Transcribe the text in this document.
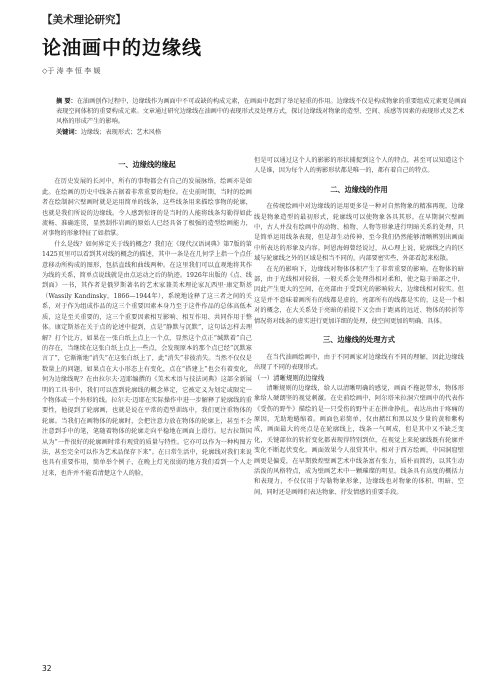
【美术理论研究】
论油画中的边缘线
◇于 涛 李 恒 李 媛
摘 要：在油画创作过程中，边缘线作为画面中不可或缺的构成元素，在画面中起到了举足轻重的作用。边缘线不仅是构成物象的重要组成元素更是画面表现空间体积的重要构成元素。文章通过研究边缘线在油画中的表现形式及处理方式，探讨边缘线对物象的造型、空间、质感等因素的表现形式及艺术风格的形成产生的影响。
关键词：边缘线；表现形式；艺术风格
一、边缘线的缘起

在历史发展的长河中，所有的事物都会有自己的发展脉络，绘画亦是如此。在绘画的历史中线条占据着非常重要的地位。在史前时期，当时的绘画者在绘制洞穴壁画时就是运用简单的线条，这些线条用来描绘事物的轮廓，也就是我们所说的边缘线。令人感到惊讶的是当时的人能将线条勾勒得如此流畅、准确连贯，显然制作岩画的原始人已经具备了极强的造型绘画能力，对事物的形象特征了如指掌。

什么是线？如何界定关于线的概念？我们在《现代汉语词典》第7版的第1425页里可以看到其对线的概念的描述，其中一条是在几何学上指一个点任意移动所构成的图形，包括直线和曲线两种。在这里我们可以直观地将其作为线的关系，简单点说线就是由点运动之后的轨迹。1926年出版的《点、线到面》一书，其作者是俄罗斯著名的艺术家兼美术理论家瓦西里·康定斯基（Wassily Kandinsky，1866—1944年），系统地诠释了这三者之间的关系，对于作为组成作品的这三个重要因素本身乃至于这件作品的总体高低本质，这是至关重要的，这三个重要因素相互影响、相互作用、共同作用于整体。康定斯基在关于点的论述中提到，点是“静默与沉默”，这句话怎样去理解？打个比方，如果在一张白纸上点上一个点，显然这个点正“缄默着”自己的存在，当继续在这张白纸上点上一些点，会发现原本的那个点已经“沉默寡言了”，它渐渐地“消失”在这张白纸上了，此“消失”非彼消失。当然不仅仅是数量上的问题，如果点在大小形态上有变化，点在“搭建上”也会有着变化，何为边缘线呢？在由拉尔夫·迈耶编撰的《美术术语与技法词典》这部全新展明的工具书中，我们可以查到轮廓线的概念界定，它被定义为划定或限定一个物体或一个外形的线。拉尔夫·迈耶在实际操作中进一步解释了轮廓线的重要性，他提到了轮廓画，也就是说在平常的造型训练中，我们更注重物体的轮廓。当我们在画物体的轮廓时，会把注意力放在物体的轮廓上，甚至不会注意到手中的笔，笔随着物体的轮廓走向平稳地在画面上滑行。尼古拉斯国从为“一件很好的轮廓画时常有观赏的质量与特性。它亦可以作为一种构图方法，甚至完全可以作为艺术品保存下来”。在日常生活中，轮廓线对我们来说也具有重要作用，简单举个例子，在晚上灯光很弱的地方我们看到一个人走过来，也许并不能看清楚这个人的脸，

但是可以通过这个人的影影的形状捕捉到这个人的特点，甚至可以知道这个人是谁，因为每个人的剪影形状都是唯一的，都有着自己的特点。

二、边缘线的作用

在传统绘画中对边缘线的运用更多是一种对自然物象的精准再现，边缘线是物象造型的最初形式，轮廓线可以使物象各具其形。在早期洞穴壁画中，古人并没有绘画中的动物、植物、人物等形象进行明暗关系的处理，只是简单运用线条表现，但是却生动传神，至今我们仍然能够清晰辨别出画面中所表达的形象及内容。阿恩海姆曾经说过，从心理上说，轮廓线之内的区域与轮廓线之外的区域是相当不同的，内部要密实些，外部看起来松散。

在光的影响下，边缘线对物体体积产生了非常重要的影响。在物体的暗部，由于光线相对较弱，一般关系会处理得相对柔和，使之隐于暗部之中，因此产生更大的空间，在亮部由于受到光的影响较大，边缘线相对较实。但这是并不意味着画所有的线都是虚的，亮部所有的线都是实的，这是一个相对的概念，在大关系处于亮暗的前提下又会由于距离的远近、物体的转折等情况将对线条的虚实进行更加详细的处理，使空间更加的明确、具体。

三、边缘线的处理方式

在当代油画绘画中，由于不同画家对边缘线有不同的理解，因此边缘线出现了不同的表现形式。

（一）清晰规则的边缘线

清晰规则的边缘线，给人以清晰明确的感觉，画面不拖泥带水，物体形象给人硬朗坚的视觉刺激。在史前绘画中，阿尔塔米拉洞穴壁画中的代表作《受伤的野牛》描绘的是一只受伤的野牛正在拼命挣扎，表达出由于疼痛的原因，无助地蜷缩着。画面色彩简单，仅由赭红和黑以及少量的黄和紫构成，画面最大的亮点是在轮廓线上，线条一气呵成，但是其中又不缺乏变化，关键部位的转折变化都表现得特别到位，在视觉上来轮廓线既有轮廓并变化不断起伏变化，画面效果令人很赏其中。相对于西方绘画，中国洞窟壁画更是偏爱，在早期敦煌壁画艺术中线条富有张力，质朴而简约，以其生动活泼的风格特点，成为壁画艺术中一颗璀璨的明星。线条具有高度的概括力和表现力，不仅仅用于勾勒物象形象，边缘线也对物象的体积、明暗、空间，同时还是画师们表达物象、抒发情感的重要手段。

32
